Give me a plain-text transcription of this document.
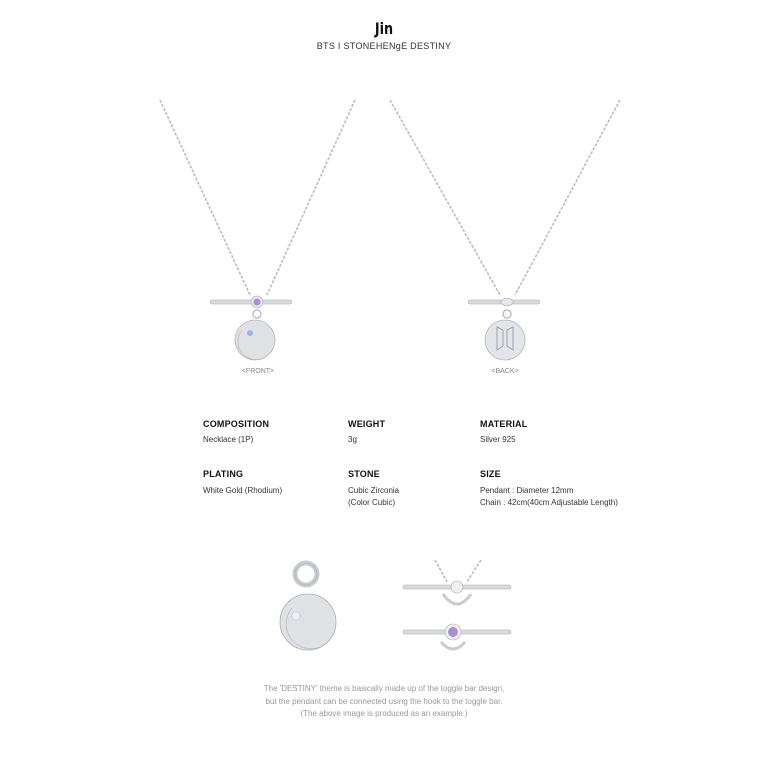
Jin
BTS I STONEHENgE DESTINY
<FRONT>	<BACK>
COMPOSITION
Necklace (1P)
WEIGHT
3g
MATERIAL
Silver 925
PLATING
White Gold (Rhodium)
STONE
Cubic Zirconia
(Color Cubic)
SIZE
Pendant : Diameter 12mm
Chain : 42cm(40cm Adjustable Length)
The 'DESTINY' theme is basically made up of the toggle bar design,
but the pendant can be connected using the hook to the toggle bar.
(The above image is produced as an example.)
